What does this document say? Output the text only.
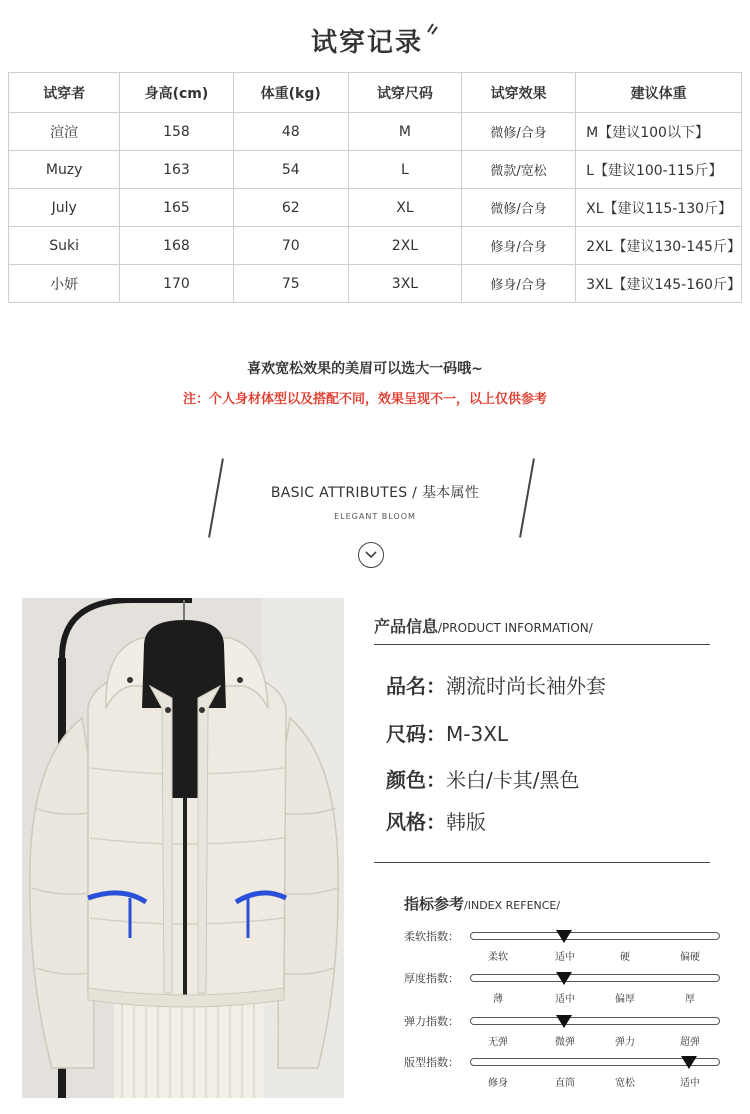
试穿记录
试穿者	身高(cm)	体重(kg)	试穿尺码	试穿效果	建议体重
渲渲	158	48	M	微修/合身	M【建议100以下】
Muzy	163	54	L	微款/宽松	L【建议100-115斤】
July	165	62	XL	微修/合身	XL【建议115-130斤】
Suki	168	70	2XL	修身/合身	2XL【建议130-145斤】
小妍	170	75	3XL	修身/合身	3XL【建议145-160斤】
喜欢宽松效果的美眉可以选大一码哦~
注：个人身材体型以及搭配不同，效果呈现不一，以上仅供参考
BASIC ATTRIBUTES / 基本属性
ELEGANT BLOOM
产品信息/PRODUCT INFORMATION/
品名：潮流时尚长袖外套
尺码：M-3XL
颜色：米白/卡其/黑色
风格：韩版
指标参考/INDEX REFENCE/
柔软指数：
柔软	适中	硬	偏硬
厚度指数：
薄	适中	偏厚	厚
弹力指数：
无弹	微弹	弹力	超弹
版型指数：
修身	直筒	宽松	适中
